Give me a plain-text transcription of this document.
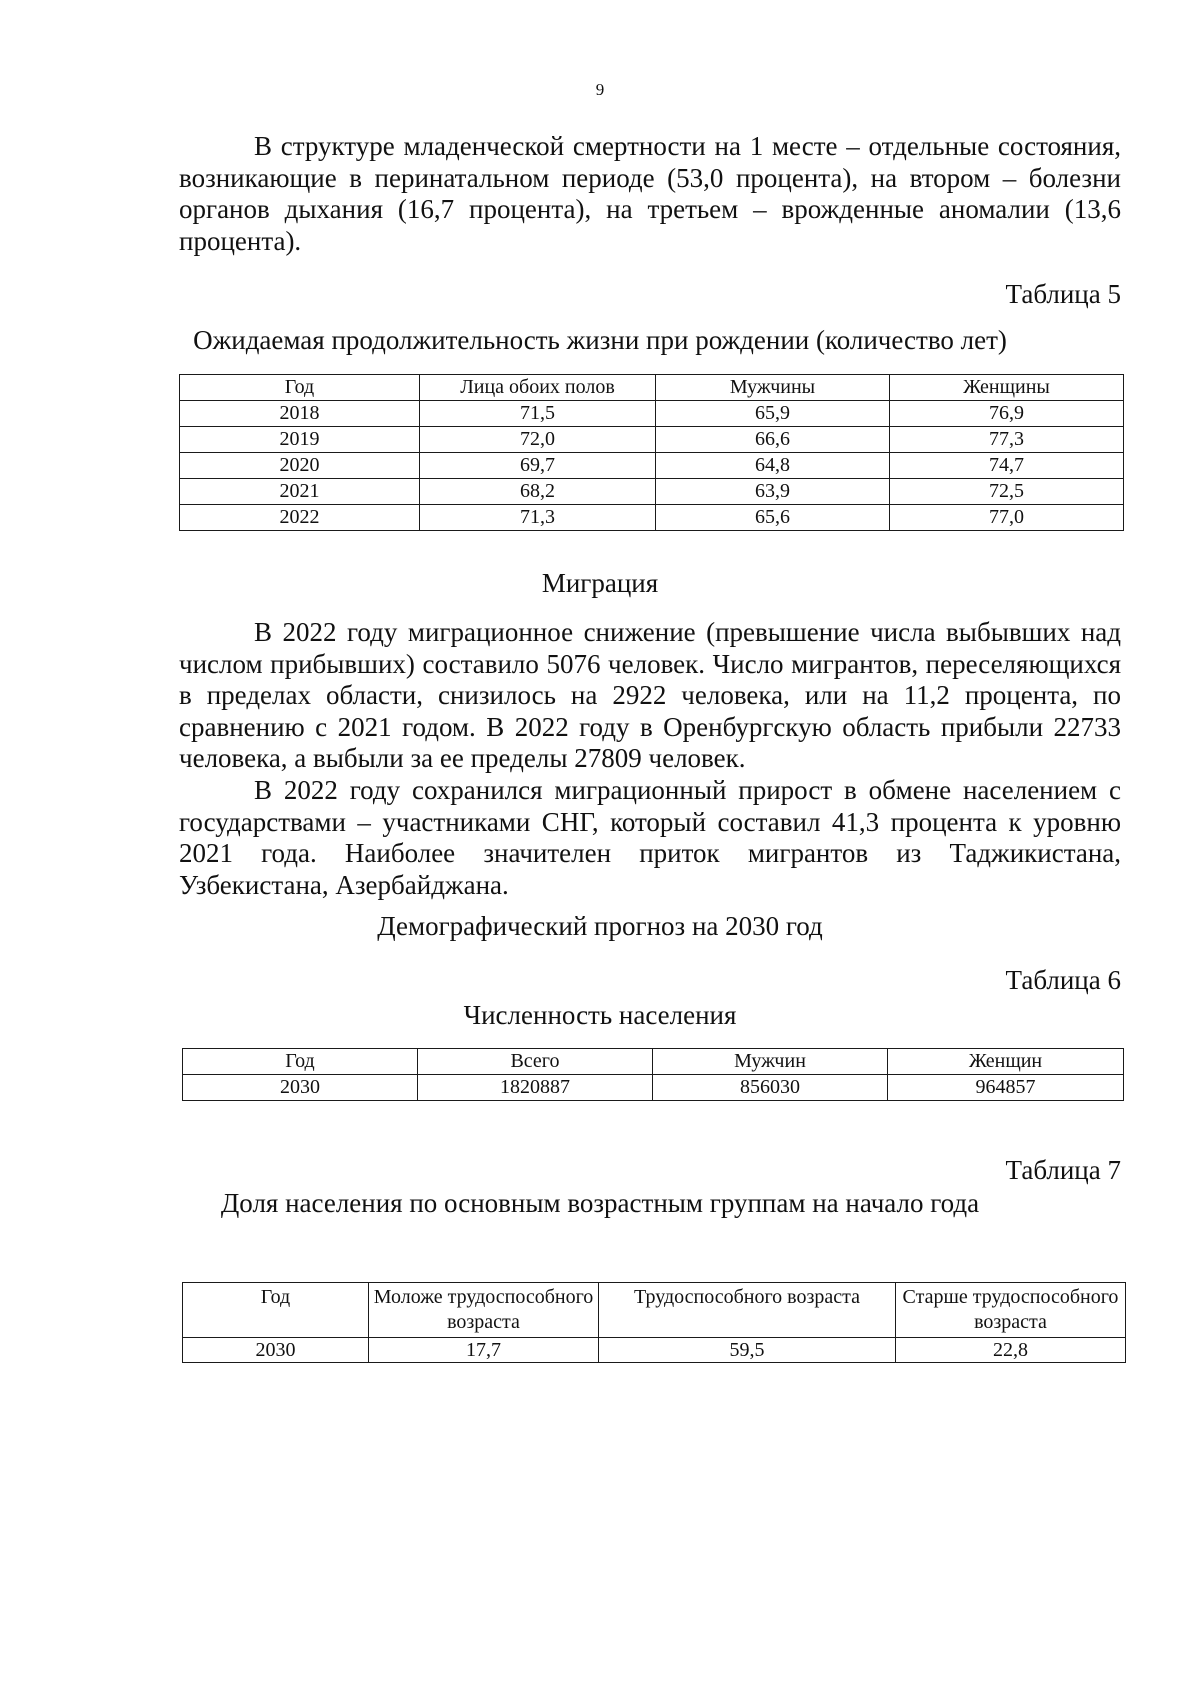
9

В структуре младенческой смертности на 1 месте – отдельные состояния, возникающие в перинатальном периоде (53,0 процента), на втором – болезни органов дыхания (16,7 процента), на третьем – врожденные аномалии (13,6 процента).

Таблица 5
Ожидаемая продолжительность жизни при рождении (количество лет)
Год	Лица обоих полов	Мужчины	Женщины
2018	71,5	65,9	76,9
2019	72,0	66,6	77,3
2020	69,7	64,8	74,7
2021	68,2	63,9	72,5
2022	71,3	65,6	77,0
Миграция

В 2022 году миграционное снижение (превышение числа выбывших над числом прибывших) составило 5076 человек. Число мигрантов, переселяющихся в пределах области, снизилось на 2922 человека, или на 11,2 процента, по сравнению с 2021 годом. В 2022 году в Оренбургскую область прибыли 22733 человека, а выбыли за ее пределы 27809 человек.

В 2022 году сохранился миграционный прирост в обмене населением с государствами – участниками СНГ, который составил 41,3 процента к уровню 2021 года. Наиболее значителен приток мигрантов из Таджикистана, Узбекистана, Азербайджана.

Демографический прогноз на 2030 год
Таблица 6
Численность населения
Год	Всего	Мужчин	Женщин
2030	1820887	856030	964857
Таблица 7
Доля населения по основным возрастным группам на начало года
Год	Моложе трудоспособного возраста	Трудоспособного возраста	Старше трудоспособного возраста
2030	17,7	59,5	22,8
